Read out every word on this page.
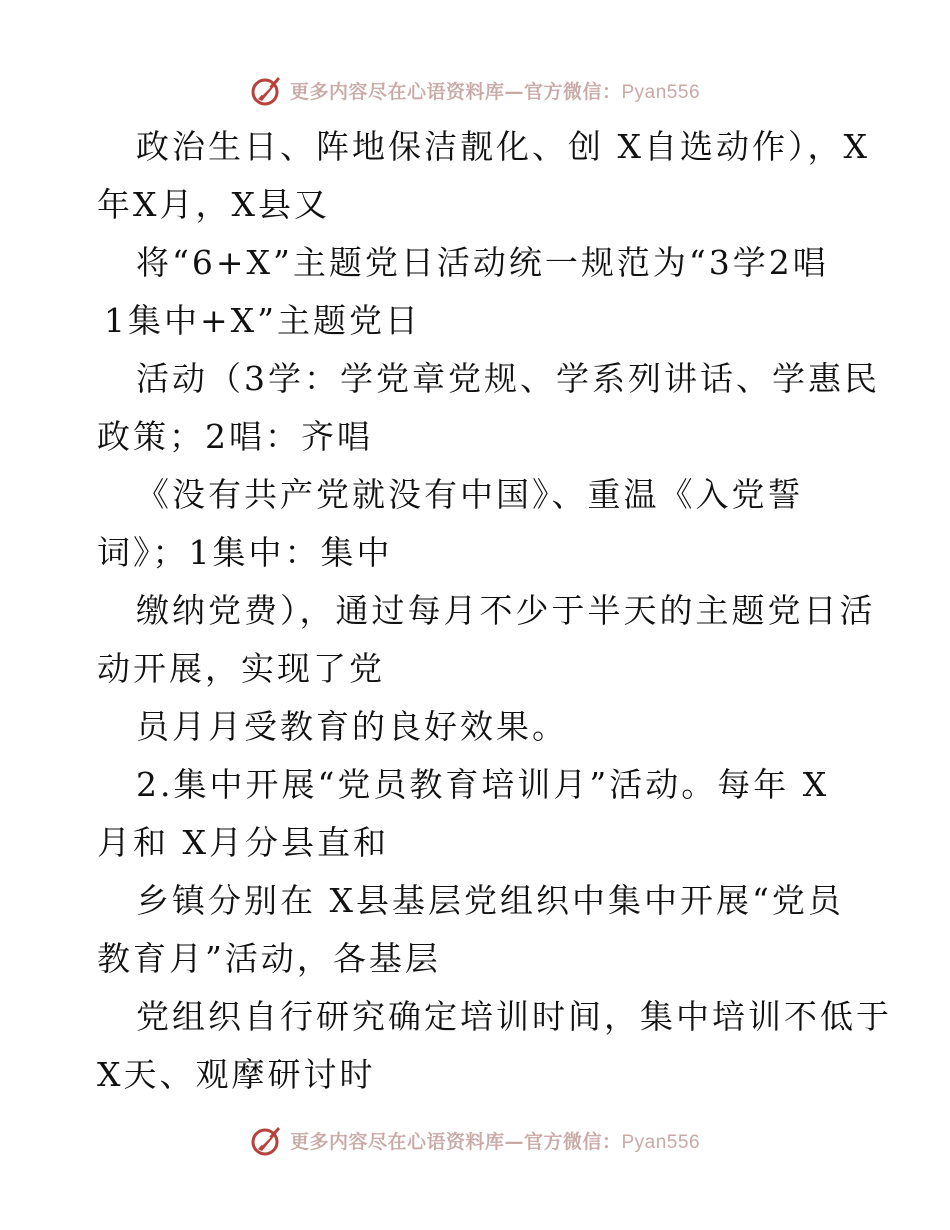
更多内容尽在心语资料库—官方微信：Pyan556
政治生日、阵地保洁靓化、创 X自选动作），X
年X月，X县又
将“6+X”主题党日活动统一规范为“3学2唱
1集中+X”主题党日
活动（3学：学党章党规、学系列讲话、学惠民
政策；2唱：齐唱
《没有共产党就没有中国》、重温《入党誓
词》；1集中：集中
缴纳党费），通过每月不少于半天的主题党日活
动开展，实现了党
员月月受教育的良好效果。
2.集中开展“党员教育培训月”活动。每年 X
月和 X月分县直和
乡镇分别在 X县基层党组织中集中开展“党员
教育月”活动，各基层
党组织自行研究确定培训时间，集中培训不低于
X天、观摩研讨时
更多内容尽在心语资料库—官方微信：Pyan556
